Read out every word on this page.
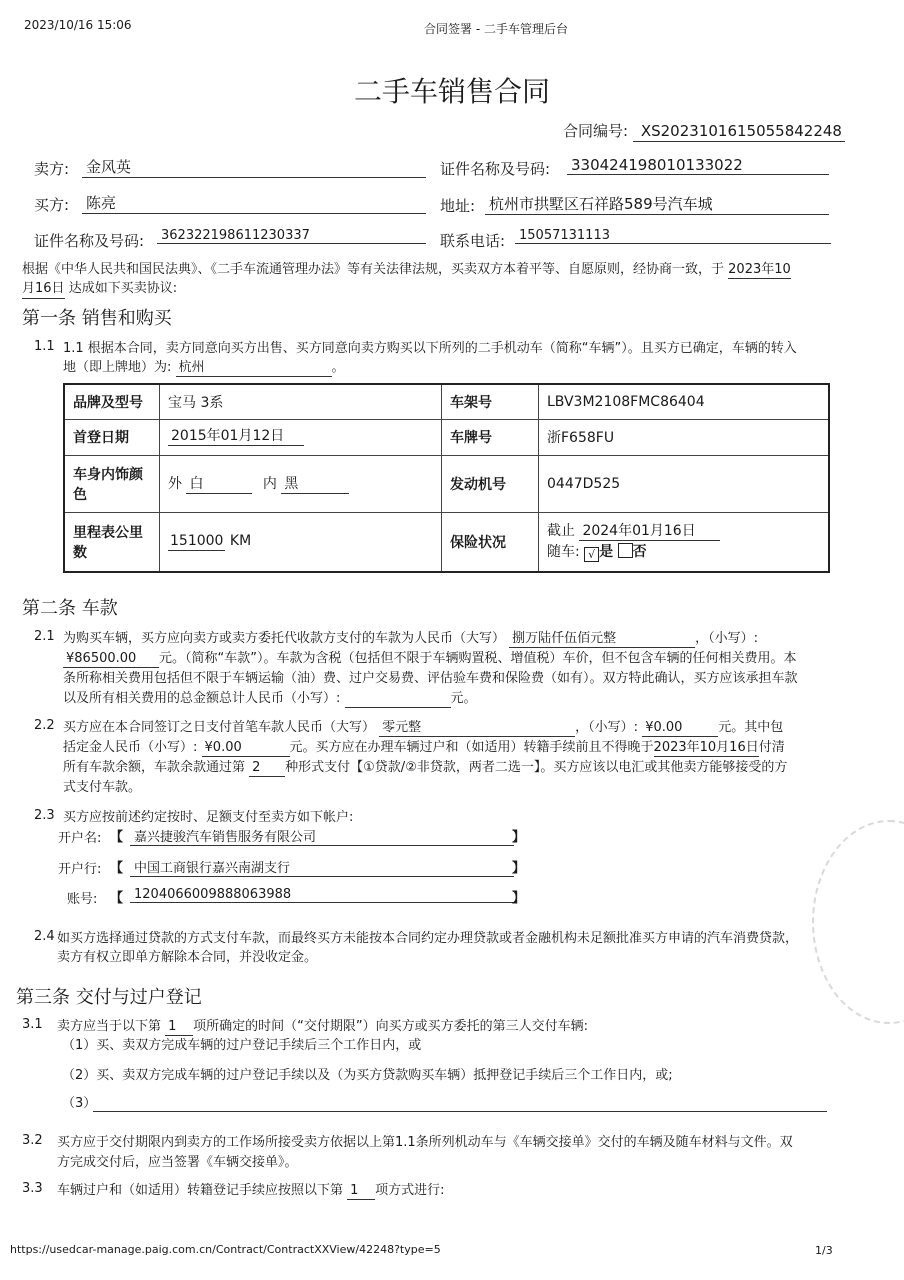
2023/10/16 15:06	合同签署 - 二手车管理后台
二手车销售合同
合同编号: XS2023101615055842248
卖方: 金风英	证件名称及号码: 330424198010133022
买方: 陈亮	地址: 杭州市拱墅区石祥路589号汽车城
证件名称及号码:	362322198611230337	联系电话:	15057131113
根据《中华人民共和国民法典》、《二手车流通管理办法》等有关法律法规，买卖双方本着平等、自愿原则，经协商一致，于 2023年10
月16日 达成如下买卖协议:
第一条 销售和购买
1.1 1.1 根据本合同，卖方同意向买方出售、买方同意向卖方购买以下所列的二手机动车（简称“车辆”）。且买方已确定，车辆的转入
地（即上牌地）为: 杭州	。
品牌及型号	宝马 3系	车架号	LBV3M2108FMC86404
首登日期	2015年01月12日	车牌号	浙F658FU
车身内饰颜色	外 白 内 黑	发动机号	0447D525
里程表公里数	151000 KM	保险状况	截止 2024年01月16日
随车: √ 是 否
第二条 车款
2.1 为购买车辆，买方应向卖方或卖方委托代收款方支付的车款为人民币（大写） 捌万陆仟伍佰元整	，（小写）:
¥86500.00 元。（简称“车款”）。车款为含税（包括但不限于车辆购置税、增值税）车价，但不包含车辆的任何相关费用。本
条所称相关费用包括但不限于车辆运输（油）费、过户交易费、评估验车费和保险费（如有）。双方特此确认，买方应该承担车款
以及所有相关费用的总金额总计人民币（小写）:	元。
2.2 买方应在本合同签订之日支付首笔车款人民币（大写） 零元整	，（小写）: ¥0.00	元。其中包
括定金人民币（小写）: ¥0.00	元。买方应在办理车辆过户和（如适用）转籍手续前且不得晚于2023年10月16日付清
所有车款余额，车款余款通过第 2 种形式支付【①贷款/②非贷款，两者二选一】。买方应该以电汇或其他卖方能够接受的方
式支付车款。
2.3 买方应按前述约定按时、足额支付至卖方如下帐户:
开户名: 【 嘉兴捷骏汽车销售服务有限公司	】
开户行: 【 中国工商银行嘉兴南湖支行	】
账号: 【 1204066009888063988	】
2.4 如买方选择通过贷款的方式支付车款，而最终买方未能按本合同约定办理贷款或者金融机构未足额批准买方申请的汽车消费贷款，
卖方有权立即单方解除本合同，并没收定金。
第三条 交付与过户登记
3.1 卖方应当于以下第 1 项所确定的时间（“交付期限”）向买方或买方委托的第三人交付车辆:
（1）买、卖双方完成车辆的过户登记手续后三个工作日内，或
（2）买、卖双方完成车辆的过户登记手续以及（为买方贷款购买车辆）抵押登记手续后三个工作日内，或;
（3）
3.2 买方应于交付期限内到卖方的工作场所接受卖方依据以上第1.1条所列机动车与《车辆交接单》交付的车辆及随车材料与文件。双
方完成交付后，应当签署《车辆交接单》。
3.3 车辆过户和（如适用）转籍登记手续应按照以下第 1 项方式进行:
https://usedcar-manage.paig.com.cn/Contract/ContractXXView/42248?type=5	1/3
